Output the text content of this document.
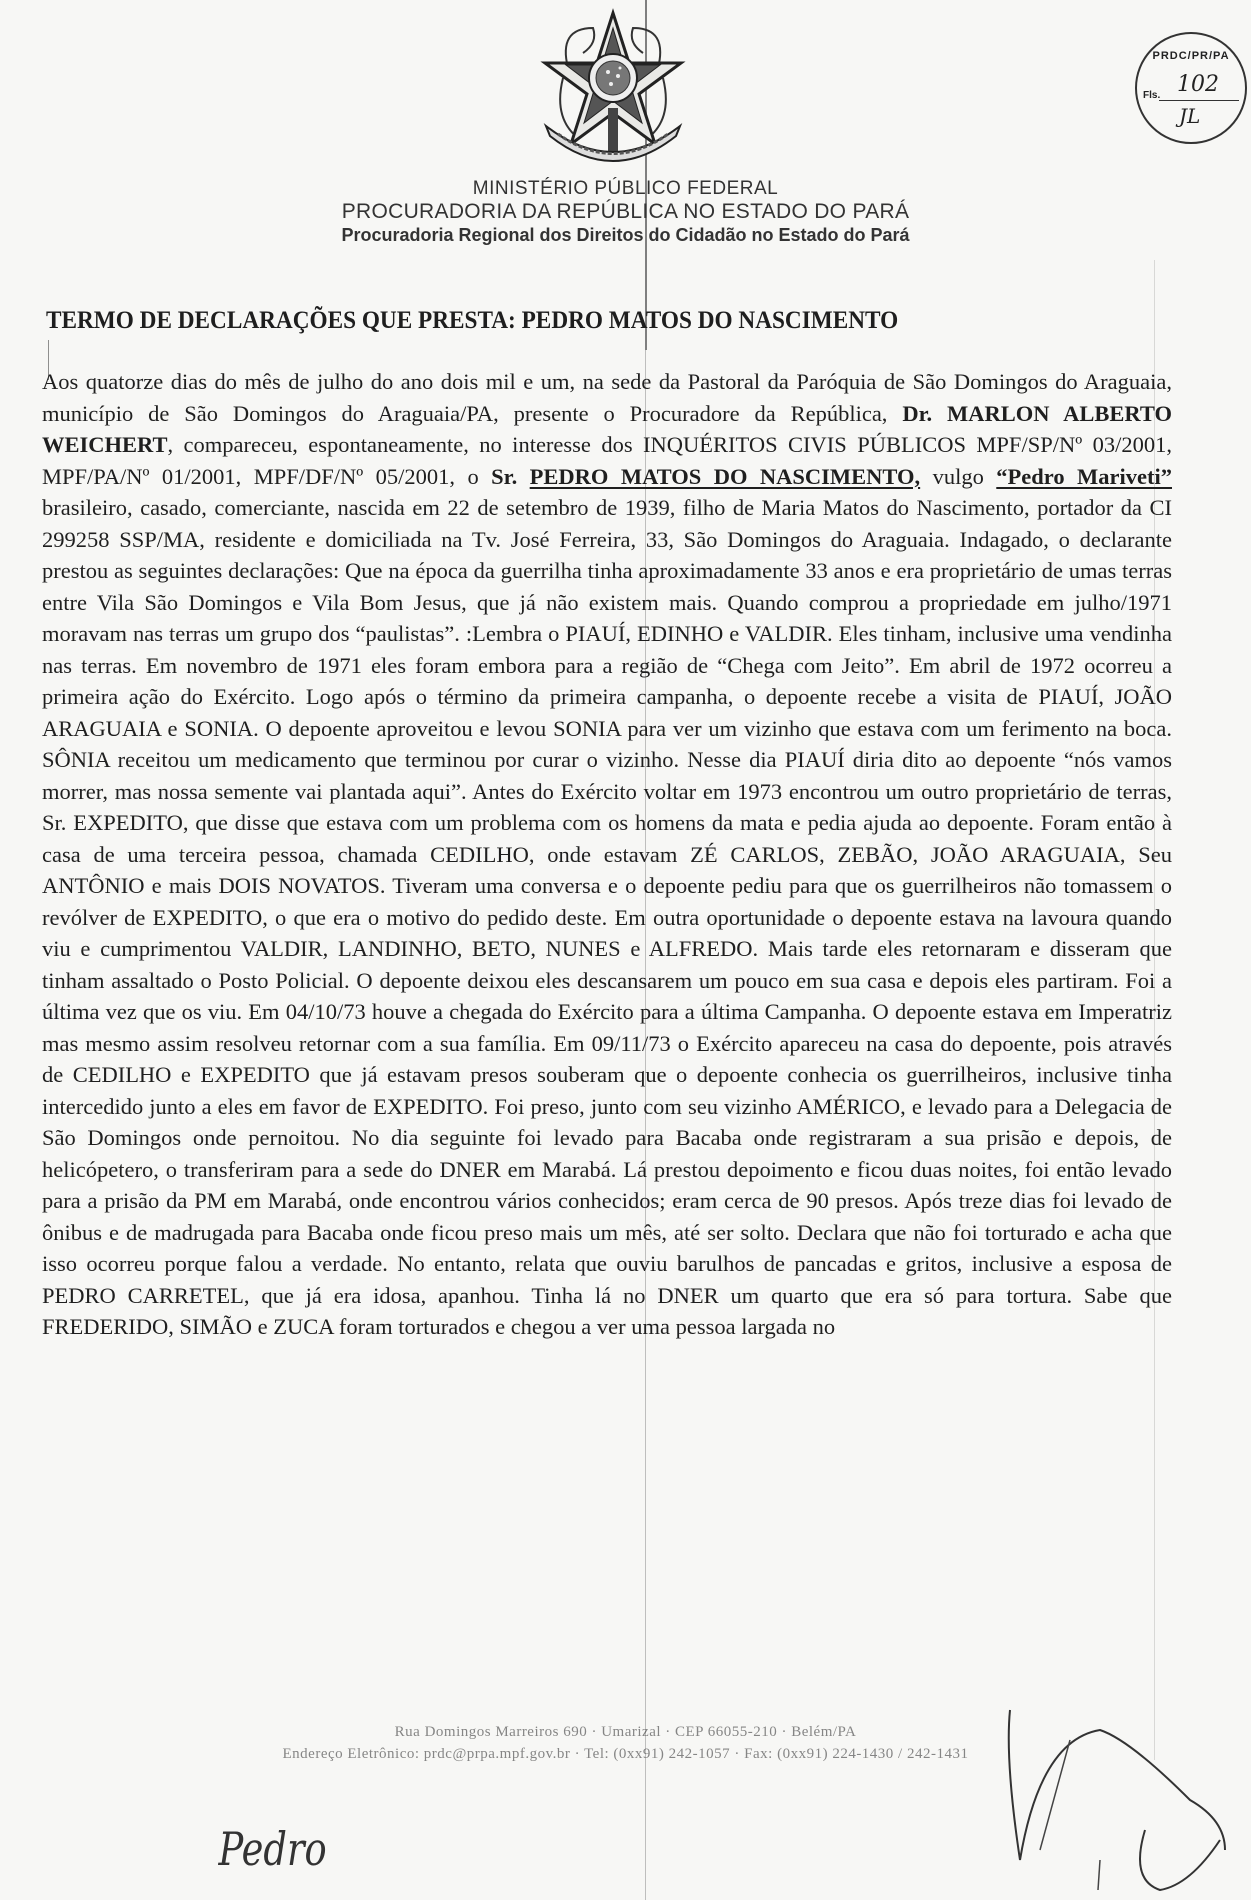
MINISTÉRIO PÚBLICO FEDERAL
PROCURADORIA DA REPÚBLICA NO ESTADO DO PARÁ
Procuradoria Regional dos Direitos do Cidadão no Estado do Pará
PRDC/PR/PA
102
Fls.
JL
TERMO DE DECLARAÇÕES QUE PRESTA: PEDRO MATOS DO NASCIMENTO

Aos quatorze dias do mês de julho do ano dois mil e um, na sede da Pastoral da Paróquia de São Domingos do Araguaia, município de São Domingos do Araguaia/PA, presente o Procuradore da República, Dr. MARLON ALBERTO WEICHERT, compareceu, espontaneamente, no interesse dos INQUÉRITOS CIVIS PÚBLICOS MPF/SP/Nº 03/2001, MPF/PA/Nº 01/2001, MPF/DF/Nº 05/2001, o Sr. PEDRO MATOS DO NASCIMENTO, vulgo “Pedro Mariveti” brasileiro, casado, comerciante, nascida em 22 de setembro de 1939, filho de Maria Matos do Nascimento, portador da CI 299258 SSP/MA, residente e domiciliada na Tv. José Ferreira, 33, São Domingos do Araguaia. Indagado, o declarante prestou as seguintes declarações: Que na época da guerrilha tinha aproximadamente 33 anos e era proprietário de umas terras entre Vila São Domingos e Vila Bom Jesus, que já não existem mais. Quando comprou a propriedade em julho/1971 moravam nas terras um grupo dos “paulistas”. :Lembra o PIAUÍ, EDINHO e VALDIR. Eles tinham, inclusive uma vendinha nas terras. Em novembro de 1971 eles foram embora para a região de “Chega com Jeito”. Em abril de 1972 ocorreu a primeira ação do Exército. Logo após o término da primeira campanha, o depoente recebe a visita de PIAUÍ, JOÃO ARAGUAIA e SONIA. O depoente aproveitou e levou SONIA para ver um vizinho que estava com um ferimento na boca. SÔNIA receitou um medicamento que terminou por curar o vizinho. Nesse dia PIAUÍ diria dito ao depoente “nós vamos morrer, mas nossa semente vai plantada aqui”. Antes do Exército voltar em 1973 encontrou um outro proprietário de terras, Sr. EXPEDITO, que disse que estava com um problema com os homens da mata e pedia ajuda ao depoente. Foram então à casa de uma terceira pessoa, chamada CEDILHO, onde estavam ZÉ CARLOS, ZEBÃO, JOÃO ARAGUAIA, Seu ANTÔNIO e mais DOIS NOVATOS. Tiveram uma conversa e o depoente pediu para que os guerrilheiros não tomassem o revólver de EXPEDITO, o que era o motivo do pedido deste. Em outra oportunidade o depoente estava na lavoura quando viu e cumprimentou VALDIR, LANDINHO, BETO, NUNES e ALFREDO. Mais tarde eles retornaram e disseram que tinham assaltado o Posto Policial. O depoente deixou eles descansarem um pouco em sua casa e depois eles partiram. Foi a última vez que os viu. Em 04/10/73 houve a chegada do Exército para a última Campanha. O depoente estava em Imperatriz mas mesmo assim resolveu retornar com a sua família. Em 09/11/73 o Exército apareceu na casa do depoente, pois através de CEDILHO e EXPEDITO que já estavam presos souberam que o depoente conhecia os guerrilheiros, inclusive tinha intercedido junto a eles em favor de EXPEDITO. Foi preso, junto com seu vizinho AMÉRICO, e levado para a Delegacia de São Domingos onde pernoitou. No dia seguinte foi levado para Bacaba onde registraram a sua prisão e depois, de helicópetero, o transferiram para a sede do DNER em Marabá. Lá prestou depoimento e ficou duas noites, foi então levado para a prisão da PM em Marabá, onde encontrou vários conhecidos; eram cerca de 90 presos. Após treze dias foi levado de ônibus e de madrugada para Bacaba onde ficou preso mais um mês, até ser solto. Declara que não foi torturado e acha que isso ocorreu porque falou a verdade. No entanto, relata que ouviu barulhos de pancadas e gritos, inclusive a esposa de PEDRO CARRETEL, que já era idosa, apanhou. Tinha lá no DNER um quarto que era só para tortura. Sabe que FREDERIDO, SIMÃO e ZUCA foram torturados e chegou a ver uma pessoa largada no

Rua Domingos Marreiros 690 · Umarizal · CEP 66055-210 · Belém/PA
Endereço Eletrônico: prdc@prpa.mpf.gov.br · Tel: (0xx91) 242-1057 · Fax: (0xx91) 224-1430 / 242-1431
Pedro
